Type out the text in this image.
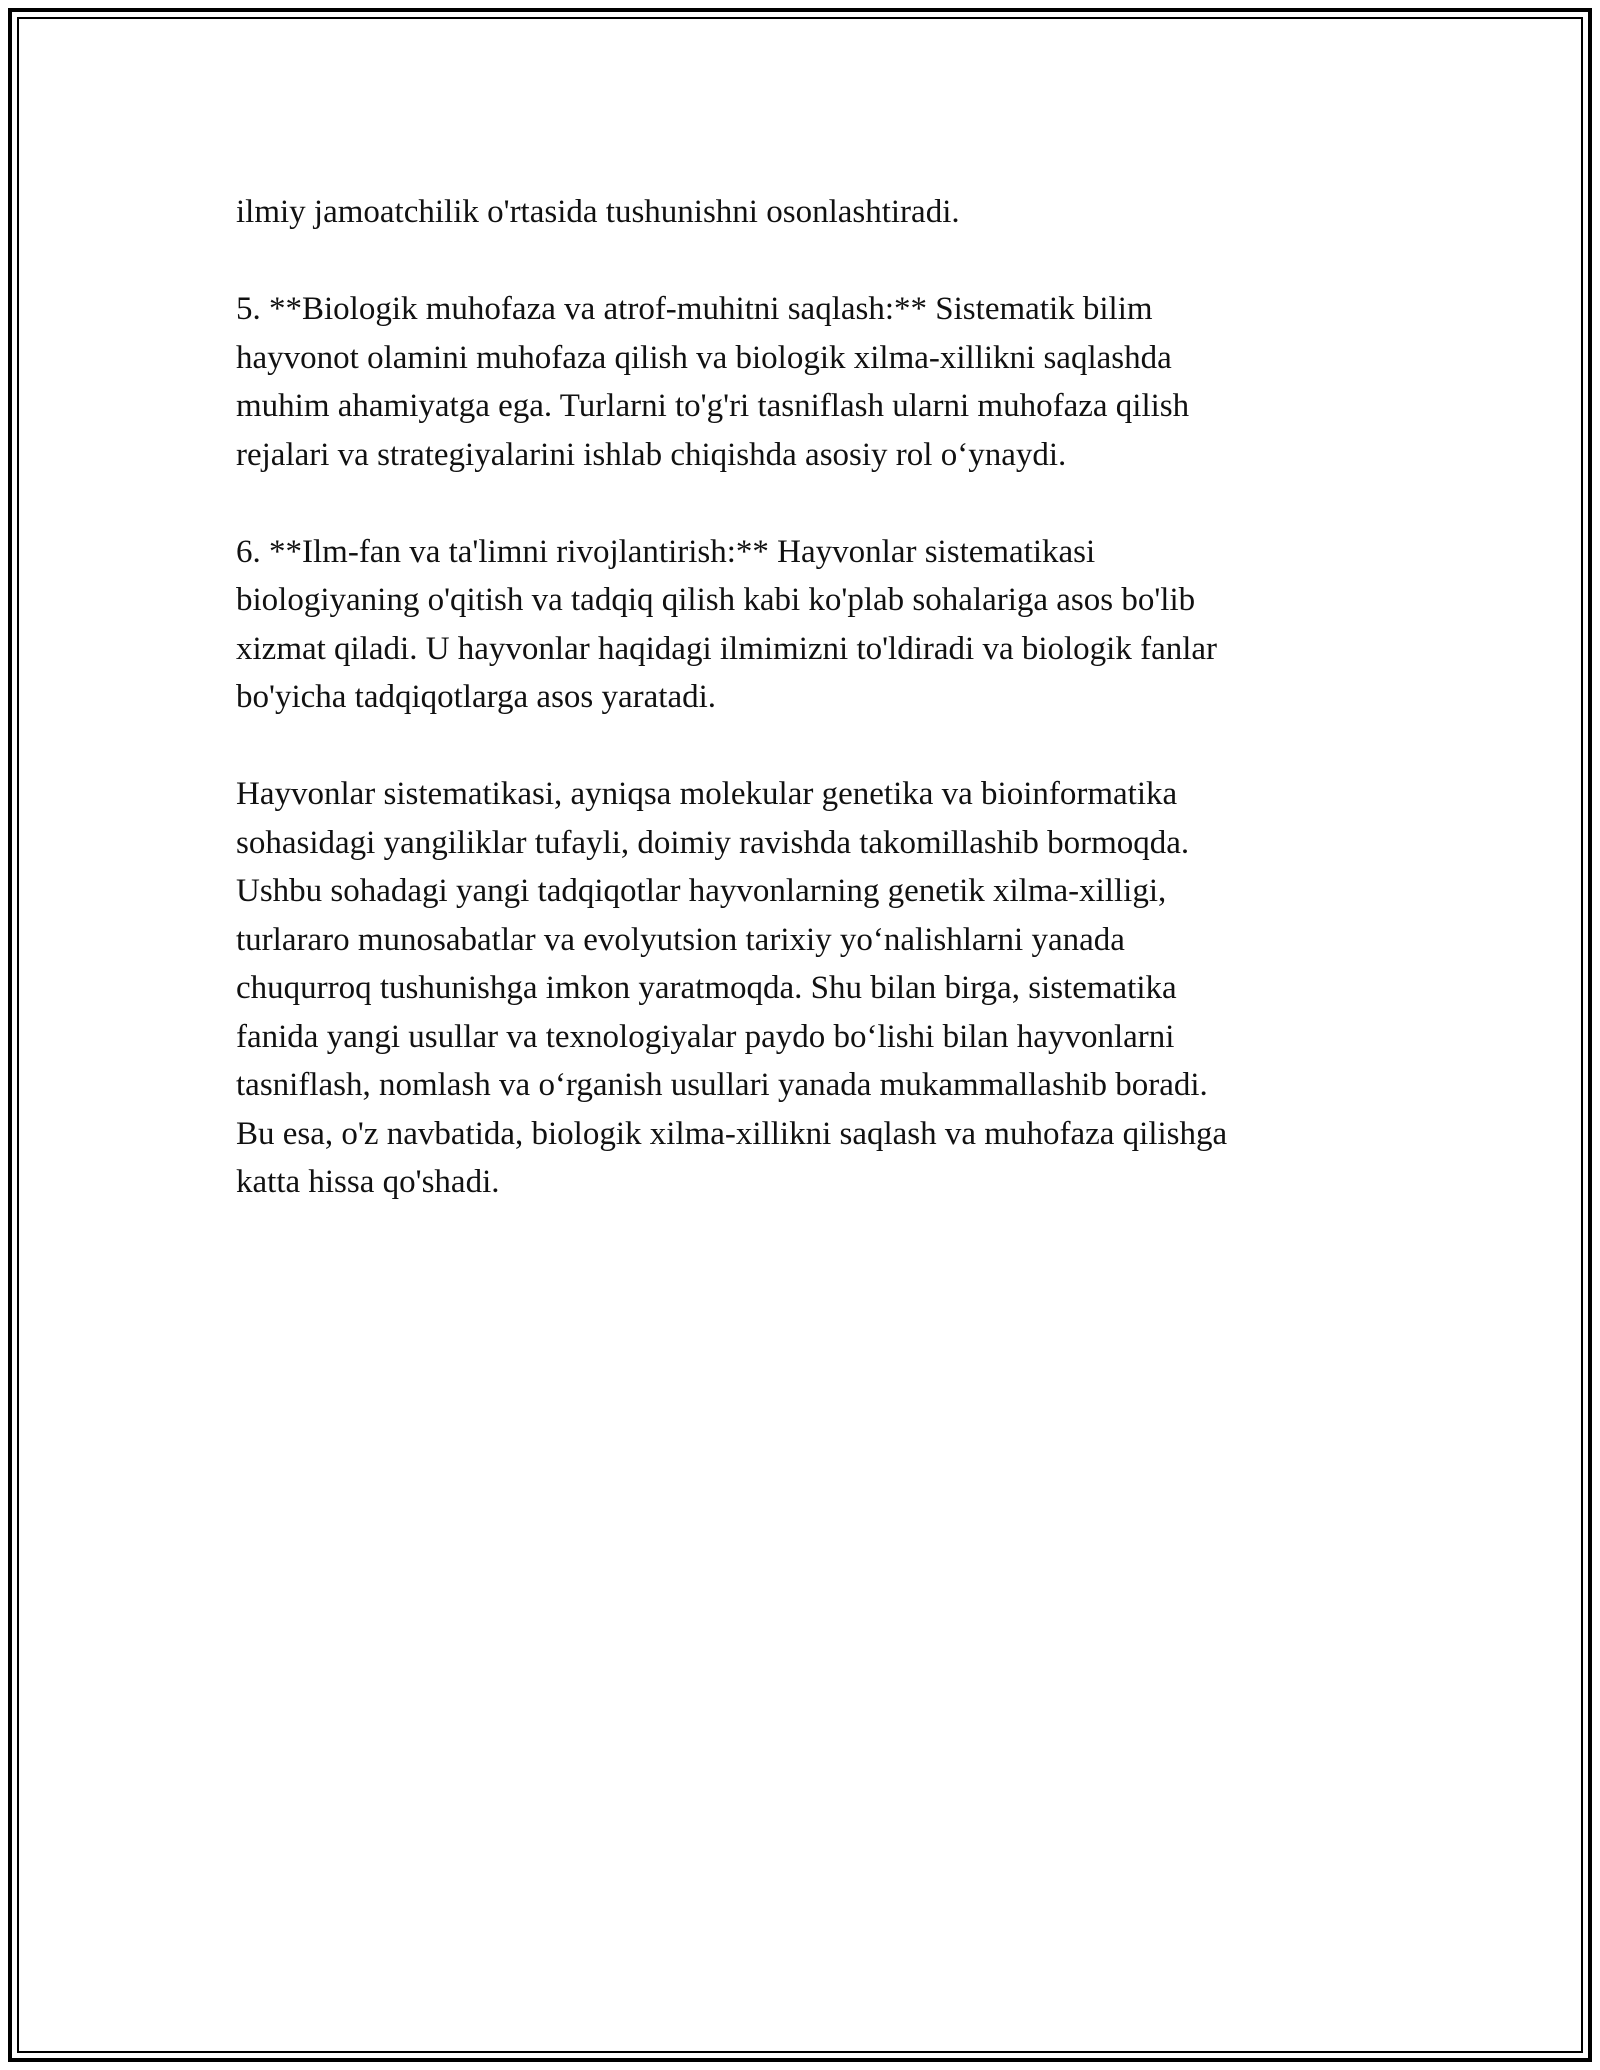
ilmiy jamoatchilik o'rtasida tushunishni osonlashtiradi.
5. **Biologik muhofaza va atrof-muhitni saqlash:** Sistematik bilim
hayvonot olamini muhofaza qilish va biologik xilma-xillikni saqlashda
muhim ahamiyatga ega. Turlarni to'g'ri tasniflash ularni muhofaza qilish
rejalari va strategiyalarini ishlab chiqishda asosiy rol o‘ynaydi.
6. **Ilm-fan va ta'limni rivojlantirish:** Hayvonlar sistematikasi
biologiyaning o'qitish va tadqiq qilish kabi ko'plab sohalariga asos bo'lib
xizmat qiladi. U hayvonlar haqidagi ilmimizni to'ldiradi va biologik fanlar
bo'yicha tadqiqotlarga asos yaratadi.
Hayvonlar sistematikasi, ayniqsa molekular genetika va bioinformatika
sohasidagi yangiliklar tufayli, doimiy ravishda takomillashib bormoqda.
Ushbu sohadagi yangi tadqiqotlar hayvonlarning genetik xilma-xilligi,
turlararo munosabatlar va evolyutsion tarixiy yo‘nalishlarni yanada
chuqurroq tushunishga imkon yaratmoqda. Shu bilan birga, sistematika
fanida yangi usullar va texnologiyalar paydo bo‘lishi bilan hayvonlarni
tasniflash, nomlash va o‘rganish usullari yanada mukammallashib boradi.
Bu esa, o'z navbatida, biologik xilma-xillikni saqlash va muhofaza qilishga
katta hissa qo'shadi.
